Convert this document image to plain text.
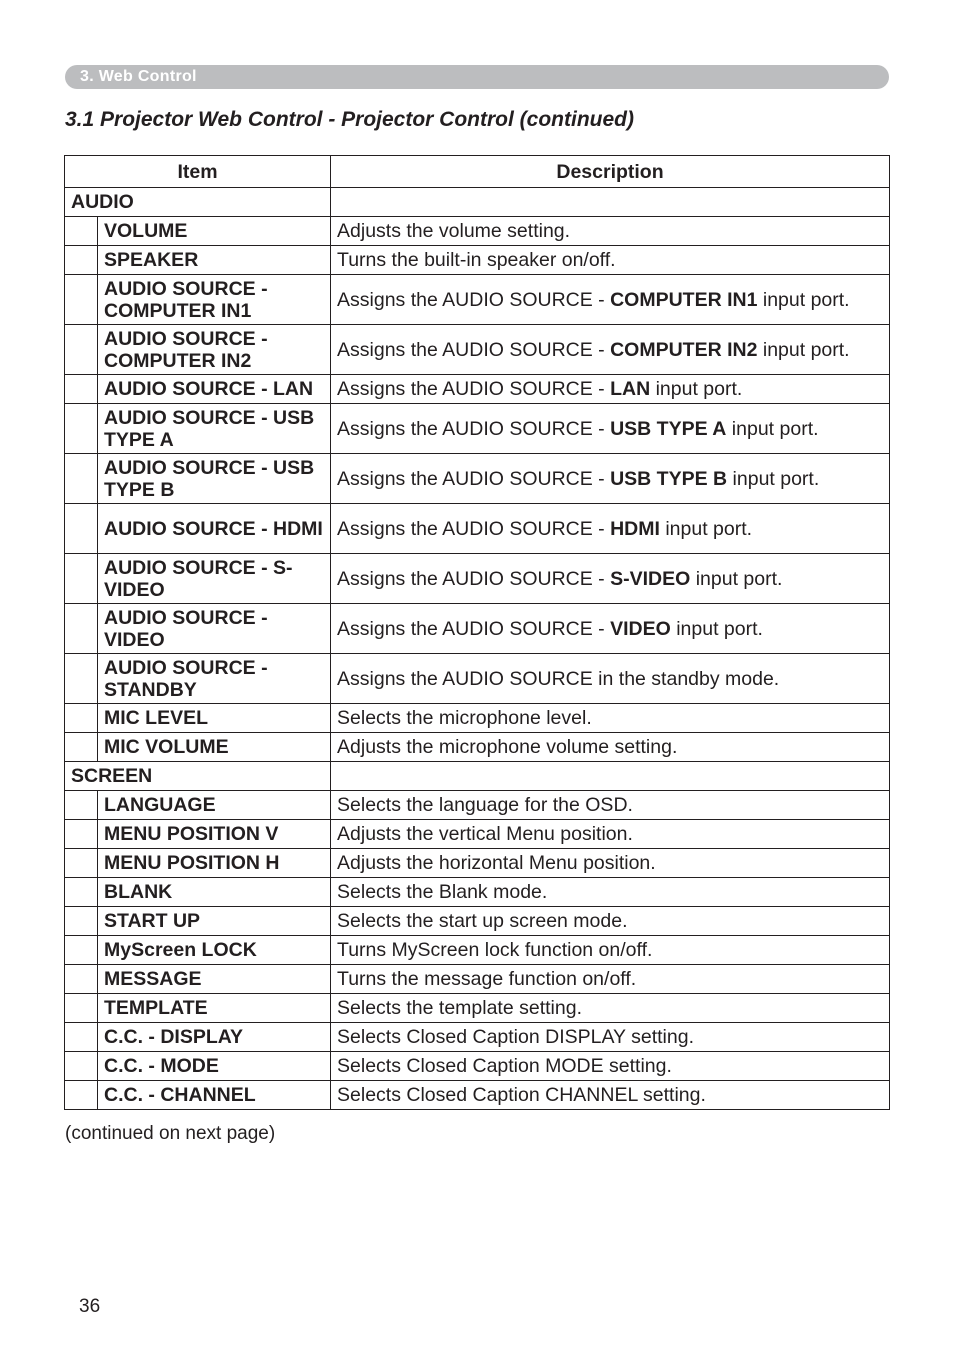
3. Web Control
3.1 Projector Web Control - Projector Control (continued)
Item		Description
AUDIO		
	VOLUME	Adjusts the volume setting.
	SPEAKER	Turns the built-in speaker on/off.
	AUDIO SOURCE - COMPUTER IN1	Assigns the AUDIO SOURCE - COMPUTER IN1 input port.
	AUDIO SOURCE - COMPUTER IN2	Assigns the AUDIO SOURCE - COMPUTER IN2 input port.
	AUDIO SOURCE - LAN	Assigns the AUDIO SOURCE - LAN input port.
	AUDIO SOURCE - USB TYPE A	Assigns the AUDIO SOURCE - USB TYPE A input port.
	AUDIO SOURCE - USB TYPE B	Assigns the AUDIO SOURCE - USB TYPE B input port.
	AUDIO SOURCE - HDMI	Assigns the AUDIO SOURCE - HDMI input port.
	AUDIO SOURCE - S-VIDEO	Assigns the AUDIO SOURCE - S-VIDEO input port.
	AUDIO SOURCE - VIDEO	Assigns the AUDIO SOURCE - VIDEO input port.
	AUDIO SOURCE - STANDBY	Assigns the AUDIO SOURCE in the standby mode.
	MIC LEVEL	Selects the microphone level.
	MIC VOLUME	Adjusts the microphone volume setting.
SCREEN		
	LANGUAGE	Selects the language for the OSD.
	MENU POSITION V	Adjusts the vertical Menu position.
	MENU POSITION H	Adjusts the horizontal Menu position.
	BLANK	Selects the Blank mode.
	START UP	Selects the start up screen mode.
	MyScreen LOCK	Turns MyScreen lock function on/off.
	MESSAGE	Turns the message function on/off.
	TEMPLATE	Selects the template setting.
	C.C. - DISPLAY	Selects Closed Caption DISPLAY setting.
	C.C. - MODE	Selects Closed Caption MODE setting.
	C.C. - CHANNEL	Selects Closed Caption CHANNEL setting.
(continued on next page)
36
